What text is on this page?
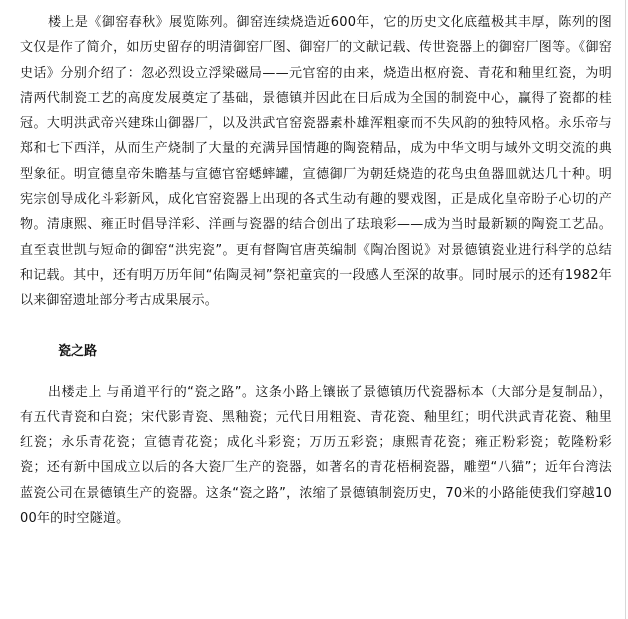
楼上是《御窑春秋》展览陈列。御窑连续烧造近600年，它的历史文化底蕴极其丰厚，陈列的图文仅是作了简介，如历史留存的明清御窑厂图、御窑厂的文献记载、传世瓷器上的御窑厂图等。《御窑史话》分别介绍了：忽必烈设立浮梁磁局——元官窑的由来，烧造出枢府瓷、青花和釉里红瓷，为明清两代制瓷工艺的高度发展奠定了基础，景德镇并因此在日后成为全国的制瓷中心，赢得了瓷都的桂冠。大明洪武帝兴建珠山御器厂，以及洪武官窑瓷器素朴雄浑粗豪而不失风韵的独特风格。永乐帝与郑和七下西洋，从而生产烧制了大量的充满异国情趣的陶瓷精品，成为中华文明与域外文明交流的典型象征。明宣德皇帝朱瞻基与宣德官窑蟋蟀罐，宣德御厂为朝廷烧造的花鸟虫鱼器皿就达几十种。明宪宗创导成化斗彩新风，成化官窑瓷器上出现的各式生动有趣的婴戏图，正是成化皇帝盼子心切的产物。清康熙、雍正时倡导洋彩、洋画与瓷器的结合创出了珐琅彩——成为当时最新颖的陶瓷工艺品。直至袁世凯与短命的御窑“洪宪瓷”。更有督陶官唐英编制《陶冶图说》对景德镇瓷业进行科学的总结和记载。其中，还有明万历年间“佑陶灵祠”祭祀童宾的一段感人至深的故事。同时展示的还有1982年以来御窑遗址部分考古成果展示。

瓷之路

出楼走上 与甬道平行的“瓷之路”。这条小路上镶嵌了景德镇历代瓷器标本（大部分是复制品），有五代青瓷和白瓷；宋代影青瓷、黑釉瓷；元代日用粗瓷、青花瓷、釉里红；明代洪武青花瓷、釉里红瓷；永乐青花瓷；宣德青花瓷；成化斗彩瓷；万历五彩瓷；康熙青花瓷；雍正粉彩瓷；乾隆粉彩瓷；还有新中国成立以后的各大瓷厂生产的瓷器，如著名的青花梧桐瓷器，雕塑“八猫”；近年台湾法蓝瓷公司在景德镇生产的瓷器。这条“瓷之路”，浓缩了景德镇制瓷历史，70米的小路能使我们穿越1000年的时空隧道。
